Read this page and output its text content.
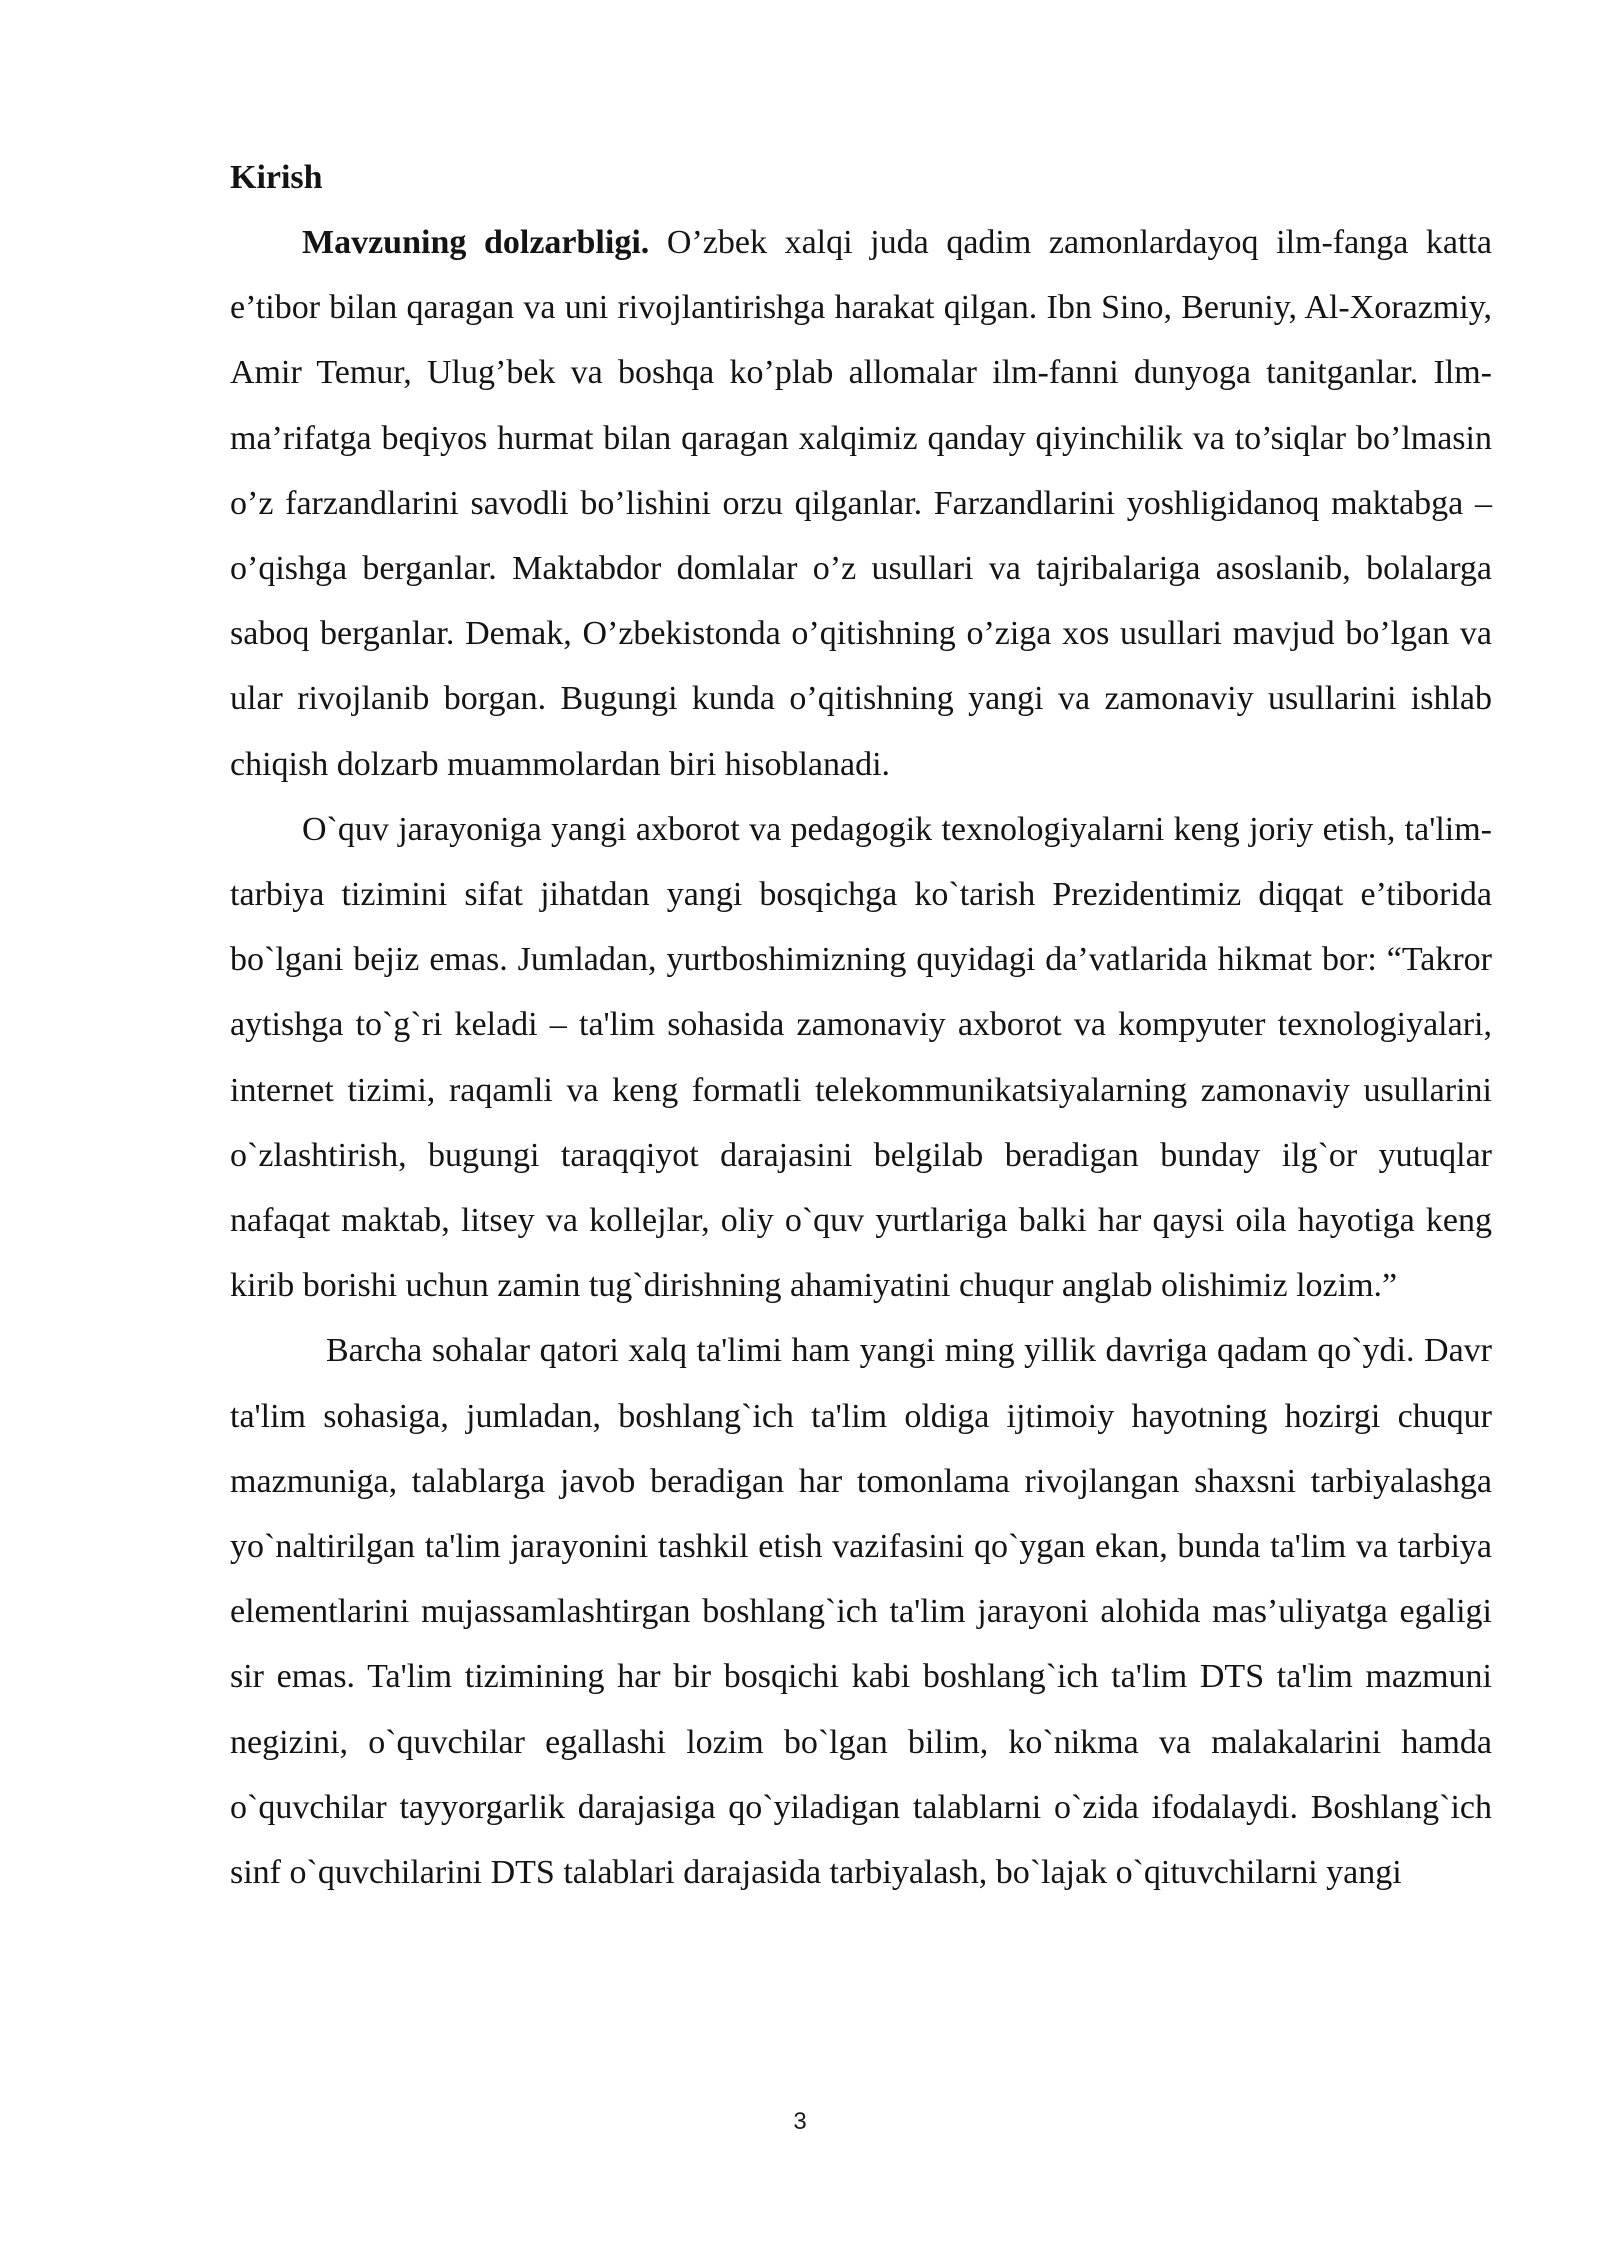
Kirish

Mavzuning dolzarbligi. O’zbek xalqi juda qadim zamonlardayoq ilm-fanga katta e’tibor bilan qaragan va uni rivojlantirishga harakat qilgan. Ibn Sino, Beruniy, Al-Xorazmiy, Amir Temur, Ulug’bek va boshqa ko’plab allomalar ilm-fanni dunyoga tanitganlar. Ilm-ma’rifatga beqiyos hurmat bilan qaragan xalqimiz qanday qiyinchilik va to’siqlar bo’lmasin o’z farzandlarini savodli bo’lishini orzu qilganlar. Farzandlarini yoshligidanoq maktabga – o’qishga berganlar. Maktabdor domlalar o’z usullari va tajribalariga asoslanib, bolalarga saboq berganlar. Demak, O’zbekistonda o’qitishning o’ziga xos usullari mavjud bo’lgan va ular rivojlanib borgan. Bugungi kunda o’qitishning yangi va zamonaviy usullarini ishlab chiqish dolzarb muammolardan biri hisoblanadi.

O`quv jarayoniga yangi axborot va pedagogik texnologiyalarni keng joriy etish, ta'lim-tarbiya tizimini sifat jihatdan yangi bosqichga ko`tarish Prezidentimiz diqqat e’tiborida bo`lgani bejiz emas. Jumladan, yurtboshimizning quyidagi da’vatlarida hikmat bor: “Takror aytishga to`g`ri keladi – ta'lim sohasida zamonaviy axborot va kompyuter texnologiyalari, internet tizimi, raqamli va keng formatli telekommunikatsiyalarning zamonaviy usullarini o`zlashtirish, bugungi taraqqiyot darajasini belgilab beradigan bunday ilg`or yutuqlar nafaqat maktab, litsey va kollejlar, oliy o`quv yurtlariga balki har qaysi oila hayotiga keng kirib borishi uchun zamin tug`dirishning ahamiyatini chuqur anglab olishimiz lozim.”

Barcha sohalar qatori xalq ta'limi ham yangi ming yillik davriga qadam qo`ydi. Davr ta'lim sohasiga, jumladan, boshlang`ich ta'lim oldiga ijtimoiy hayotning hozirgi chuqur mazmuniga, talablarga javob beradigan har tomonlama rivojlangan shaxsni tarbiyalashga yo`naltirilgan ta'lim jarayonini tashkil etish vazifasini qo`ygan ekan, bunda ta'lim va tarbiya elementlarini mujassamlashtirgan boshlang`ich ta'lim jarayoni alohida mas’uliyatga egaligi sir emas. Ta'lim tizimining har bir bosqichi kabi boshlang`ich ta'lim DTS ta'lim mazmuni negizini, o`quvchilar egallashi lozim bo`lgan bilim, ko`nikma va malakalarini hamda o`quvchilar tayyorgarlik darajasiga qo`yiladigan talablarni o`zida ifodalaydi. Boshlang`ich sinf o`quvchilarini DTS talablari darajasida tarbiyalash, bo`lajak o`qituvchilarni yangi

3
